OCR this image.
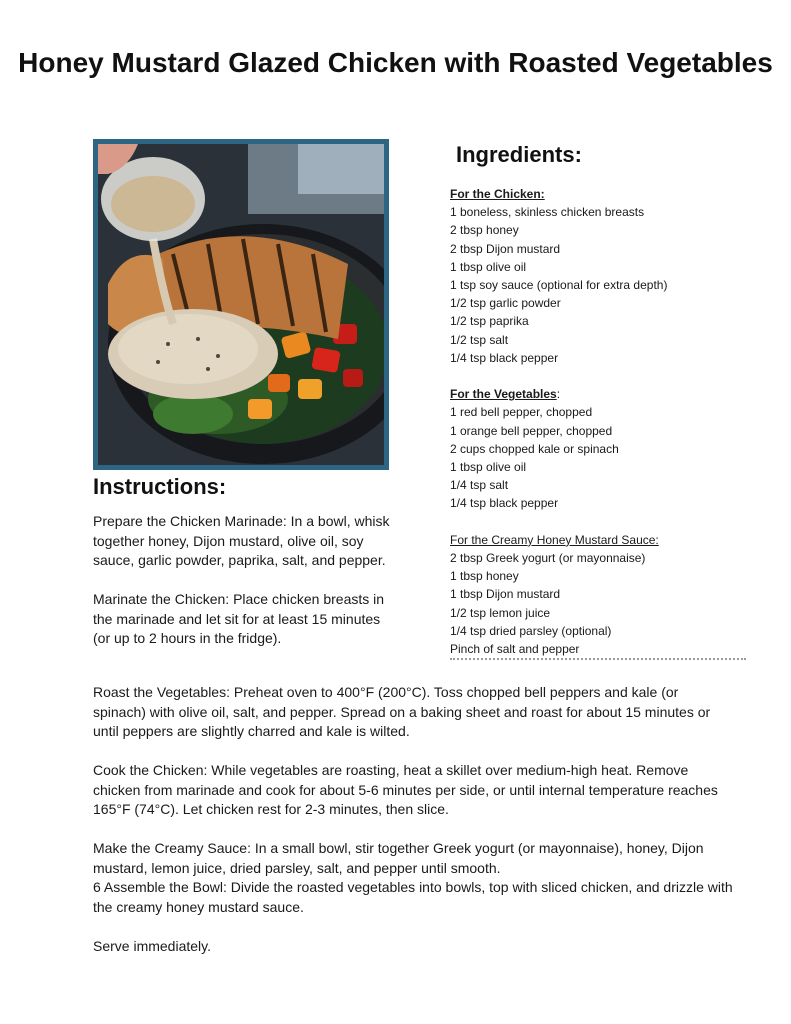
Honey Mustard Glazed Chicken with Roasted Vegetables
Ingredients:
For the Chicken:
1 boneless, skinless chicken breasts
2 tbsp honey
2 tbsp Dijon mustard
1 tbsp olive oil
1 tsp soy sauce (optional for extra depth)
1/2 tsp garlic powder
1/2 tsp paprika
1/2 tsp salt
1/4 tsp black pepper
For the Vegetables:
1 red bell pepper, chopped
1 orange bell pepper, chopped
2 cups chopped kale or spinach
1 tbsp olive oil
1/4 tsp salt
1/4 tsp black pepper
For the Creamy Honey Mustard Sauce:
2 tbsp Greek yogurt (or mayonnaise)
1 tbsp honey
1 tbsp Dijon mustard
1/2 tsp lemon juice
1/4 tsp dried parsley (optional)
Pinch of salt and pepper
Instructions:

Prepare the Chicken Marinade: In a bowl, whisk together honey, Dijon mustard, olive oil, soy sauce, garlic powder, paprika, salt, and pepper.

Marinate the Chicken: Place chicken breasts in the marinade and let sit for at least 15 minutes (or up to 2 hours in the fridge).

Roast the Vegetables: Preheat oven to 400°F (200°C). Toss chopped bell peppers and kale (or spinach) with olive oil, salt, and pepper. Spread on a baking sheet and roast for about 15 minutes or until peppers are slightly charred and kale is wilted.

Cook the Chicken: While vegetables are roasting, heat a skillet over medium-high heat. Remove chicken from marinade and cook for about 5-6 minutes per side, or until internal temperature reaches 165°F (74°C). Let chicken rest for 2-3 minutes, then slice.

Make the Creamy Sauce: In a small bowl, stir together Greek yogurt (or mayonnaise), honey, Dijon mustard, lemon juice, dried parsley, salt, and pepper until smooth.

6 Assemble the Bowl: Divide the roasted vegetables into bowls, top with sliced chicken, and drizzle with the creamy honey mustard sauce.

Serve immediately.
